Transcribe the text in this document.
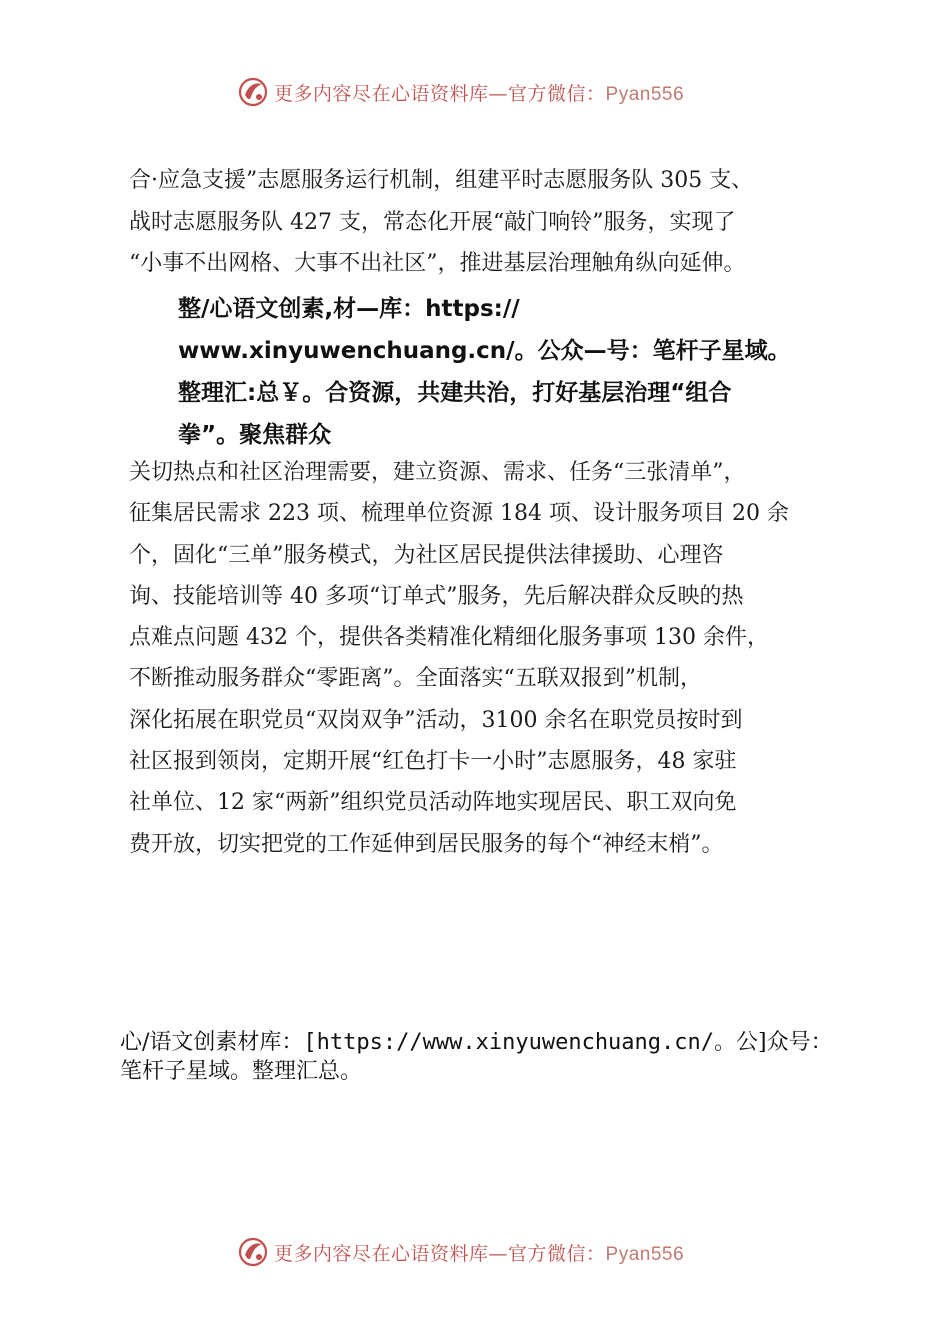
更多内容尽在心语资料库—官方微信：Pyan556
合·应急支援”志愿服务运行机制，组建平时志愿服务队 305 支、
战时志愿服务队 427 支，常态化开展“敲门响铃”服务，实现了
“小事不出网格、大事不出社区”，推进基层治理触角纵向延伸。
整/心语文创素,材—库：https://
www.xinyuwenchuang.cn/。公众—号：笔杆子星域。
整理汇:总￥。合资源，共建共治，打好基层治理“组合
拳”。聚焦群众
关切热点和社区治理需要，建立资源、需求、任务“三张清单”，
征集居民需求 223 项、梳理单位资源 184 项、设计服务项目 20 余
个，固化“三单”服务模式，为社区居民提供法律援助、心理咨
询、技能培训等 40 多项“订单式”服务，先后解决群众反映的热
点难点问题 432 个，提供各类精准化精细化服务事项 130 余件，
不断推动服务群众“零距离”。全面落实“五联双报到”机制，
深化拓展在职党员“双岗双争”活动，3100 余名在职党员按时到
社区报到领岗，定期开展“红色打卡一小时”志愿服务，48 家驻
社单位、12 家“两新”组织党员活动阵地实现居民、职工双向免
费开放，切实把党的工作延伸到居民服务的每个“神经末梢”。
心/语文创素材库：[https://www.xinyuwenchuang.cn/。公]众号：
笔杆子星域。整理汇总。
更多内容尽在心语资料库—官方微信：Pyan556
